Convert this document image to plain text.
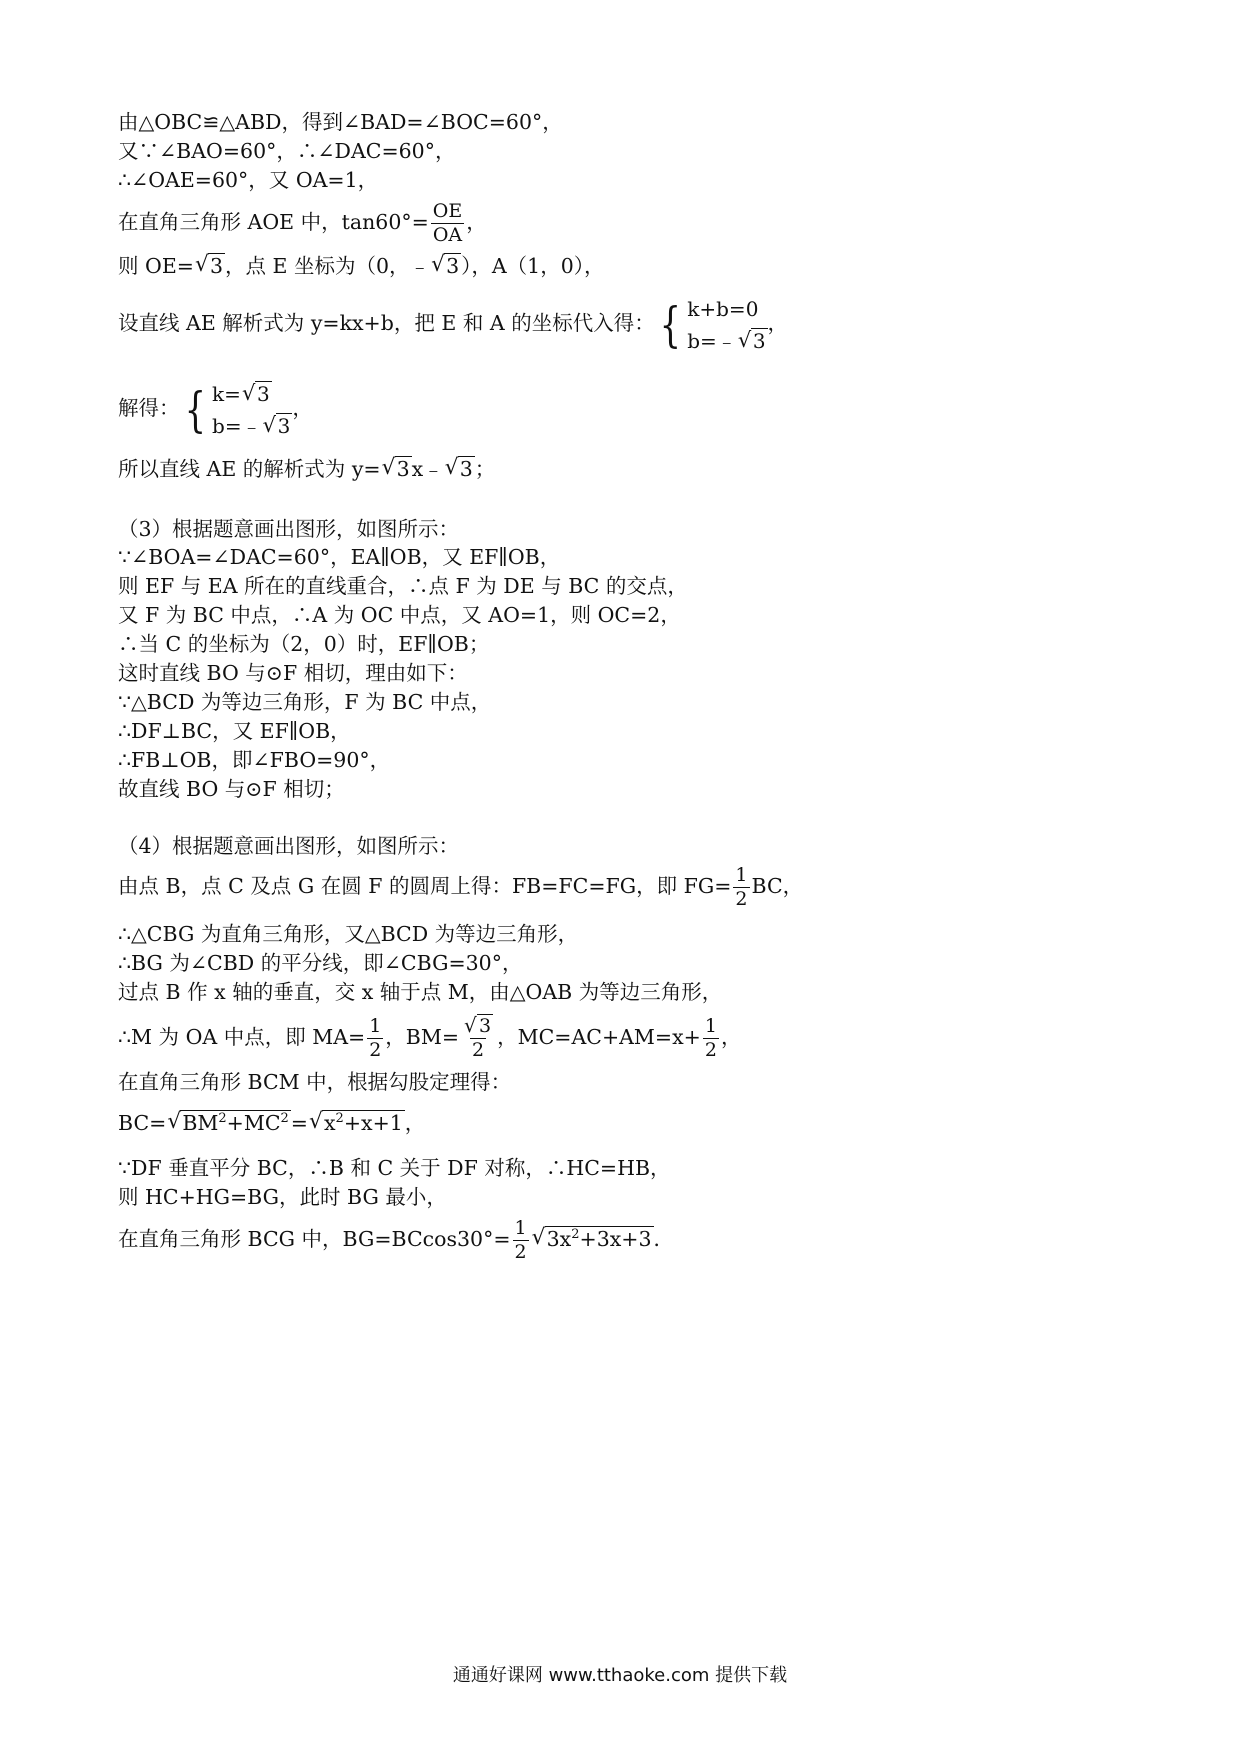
由△OBC≌△ABD，得到∠BAD=∠BOC=60°，
又∵∠BAO=60°，∴∠DAC=60°，
∴∠OAE=60°，又 OA=1，
在直角三角形 AOE 中，$\tan 60^\circ= \frac{OE}{OA}$ ，
则 OE=√ 3，点 E 坐标为（0，﹣√ 3），A（1，0），
设直线 AE 解析式为 y=kx+b，把 E 和 A 的坐标代入得： { k+b=0
b=﹣√ 3
，
解得： { k=√ 3
b=﹣√ 3
，
所以直线 AE 的解析式为 y=√ 3x﹣√ 3；
（3）根据题意画出图形，如图所示：
∵∠BOA=∠DAC=60°，EA∥OB，又 EF∥OB，
则 EF 与 EA 所在的直线重合，∴点 F 为 DE 与 BC 的交点，
又 F 为 BC 中点，∴A 为 OC 中点，又 AO=1，则 OC=2，
∴当 C 的坐标为（2，0）时，EF∥OB；
这时直线 BO 与⊙F 相切，理由如下：
∵△BCD 为等边三角形，F 为 BC 中点，
∴DF⊥BC，又 EF∥OB，
∴FB⊥OB，即∠FBO=90°，
故直线 BO 与⊙F 相切；
（4）根据题意画出图形，如图所示：
由点 B，点 C 及点 G 在圆 F 的圆周上得：FB=FC=FG，即 $FG= \frac{1}{2}$ BC，
∴△CBG 为直角三角形，又△BCD 为等边三角形，
∴BG 为∠CBD 的平分线，即∠CBG=30°，
过点 B 作 x 轴的垂直，交 x 轴于点 M，由△OAB 为等边三角形，
∴M 为 OA 中点，即 $MA= \frac{1}{2}$ ，BM=
√ $\frac{3}{2}$ ，$MC=AC+AM=x+ \frac{1}{2}$ ，
在直角三角形 BCM 中，根据勾股定理得：
BC=√ $BM^2+MC^2=√$ $x^2+x+1$，
∵DF 垂直平分 BC，∴B 和 C 关于 DF 对称，∴HC=HB，
则 HC+HG=BG，此时 BG 最小，
在直角三角形 BCG 中，$BG=BCcos30^\circ= \frac{1}{2}$
√ $3x^2+3x+3$．
通通好课网 www.tthaoke.com 提供下载
